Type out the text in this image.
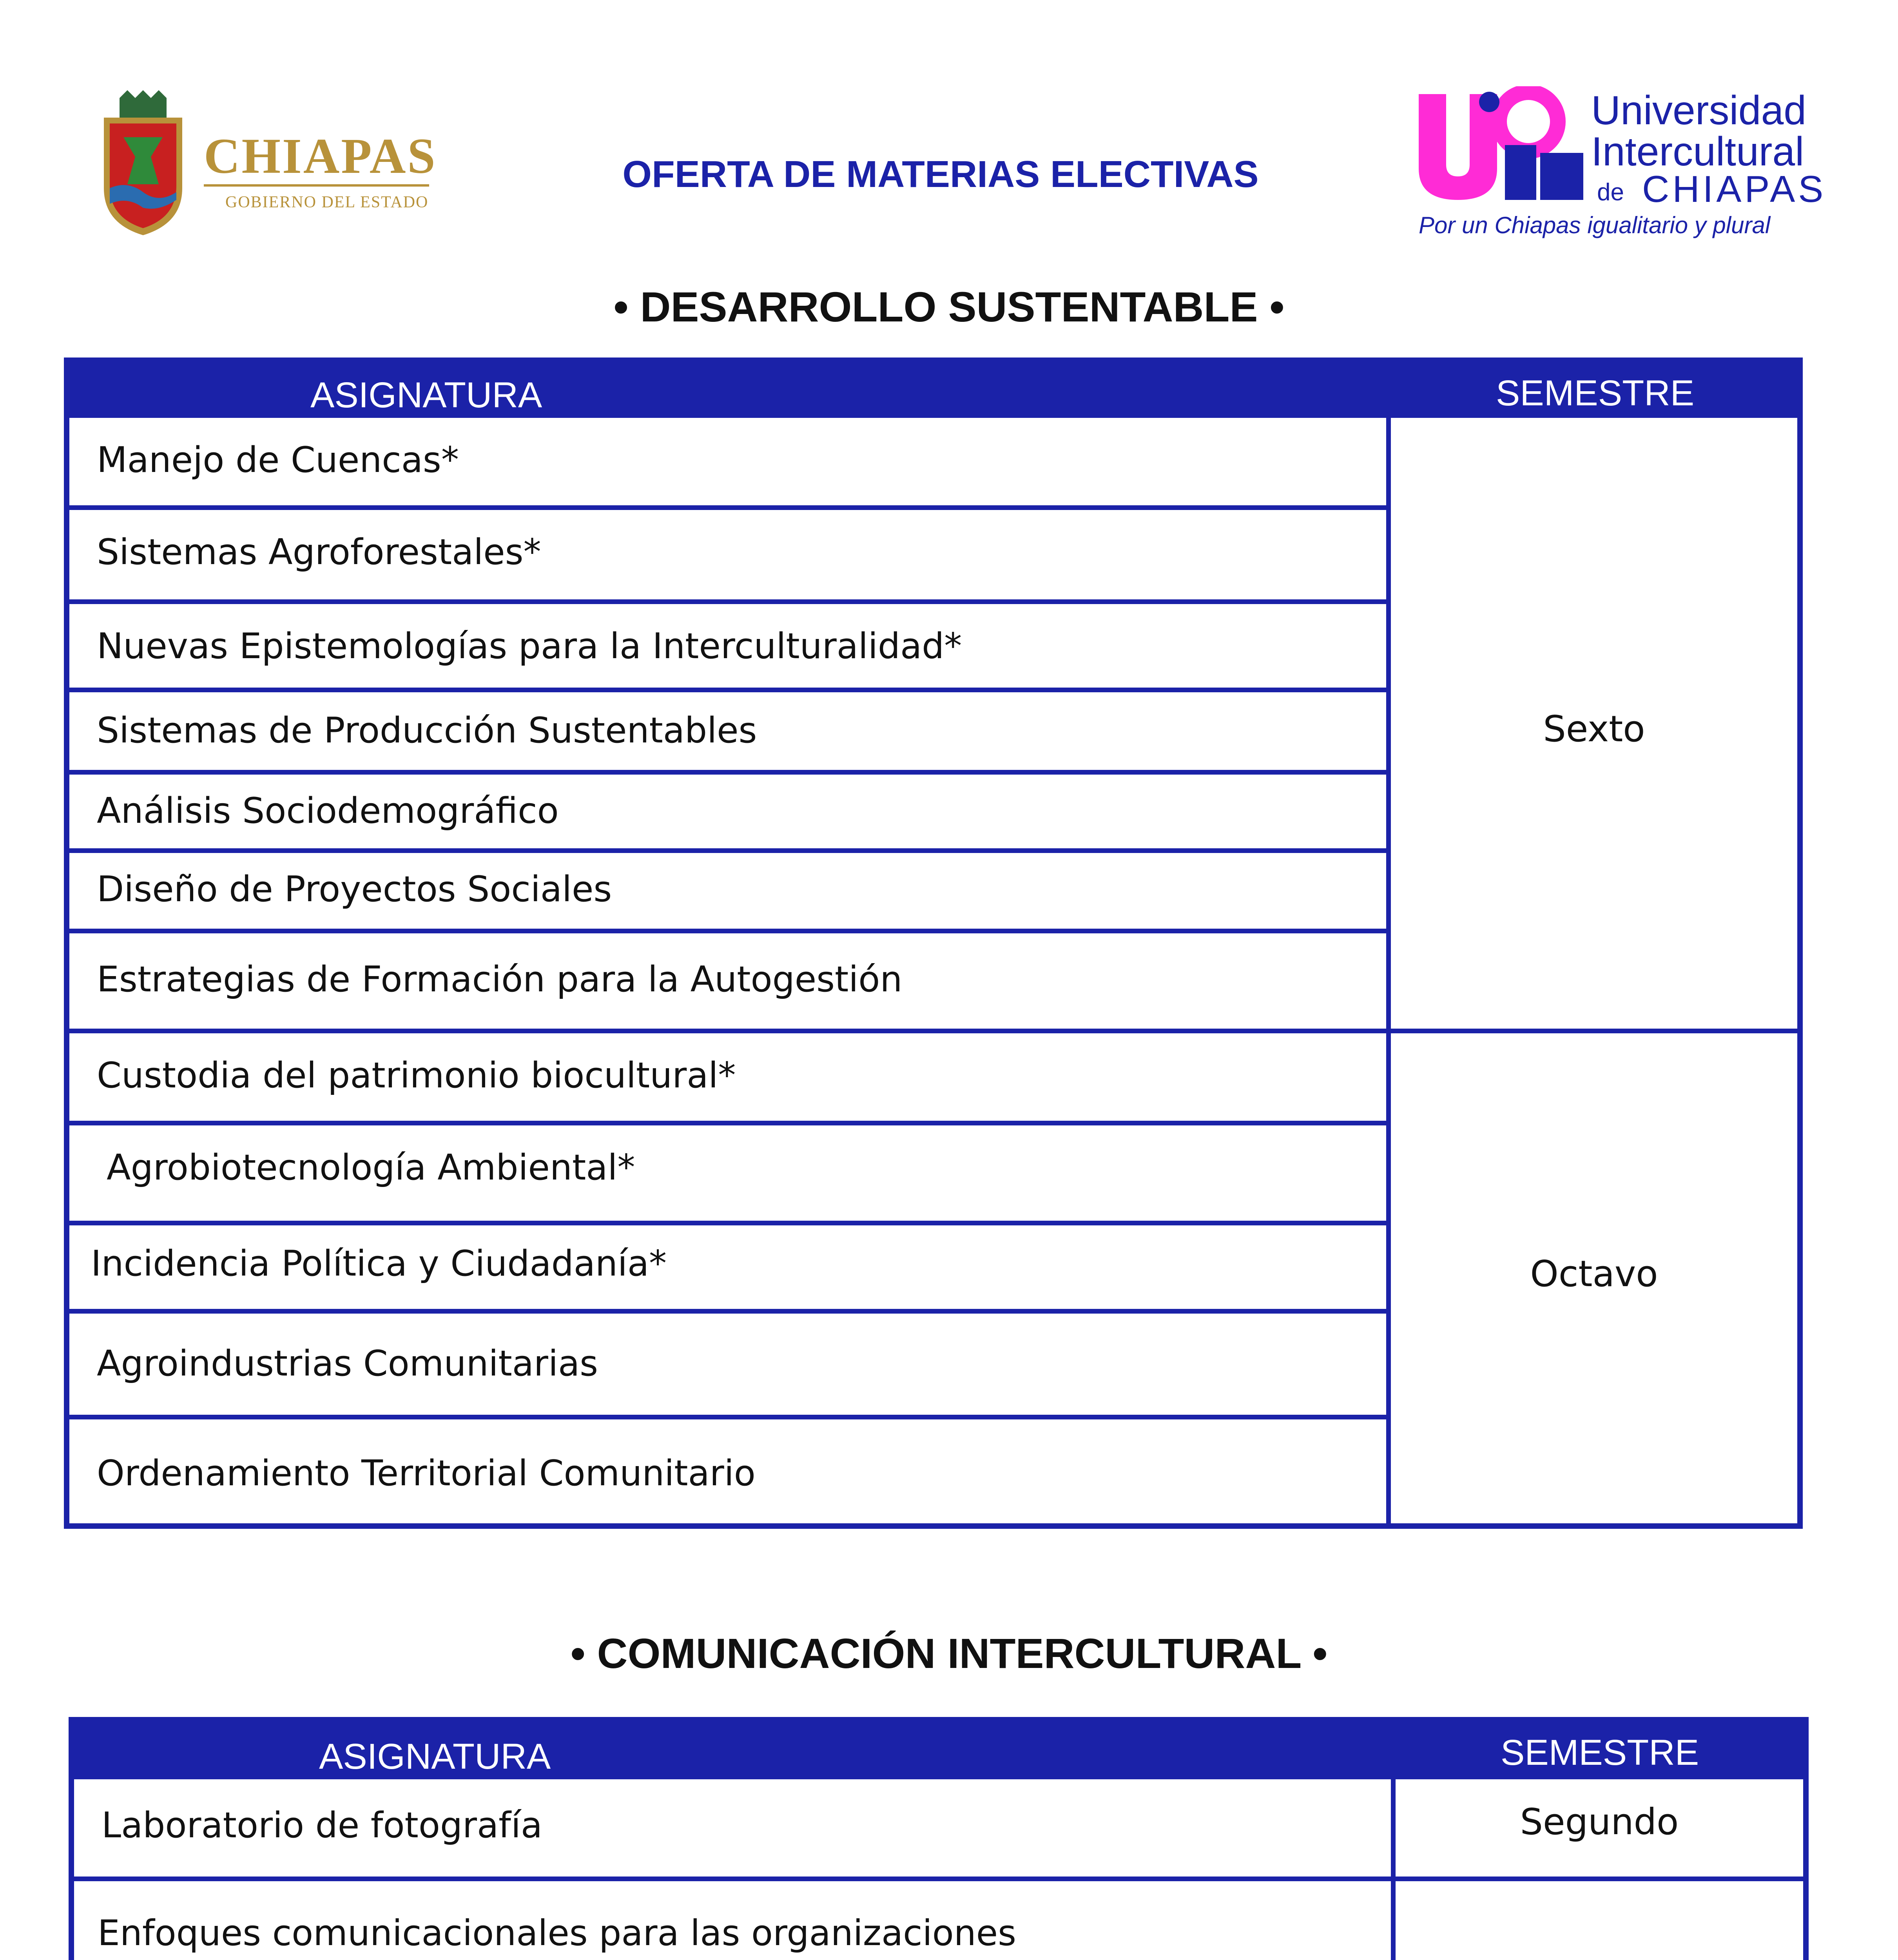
CHIAPAS
GOBIERNO DEL ESTADO
OFERTA DE MATERIAS ELECTIVAS
Universidad
Intercultural
de CHIAPAS
Por un Chiapas igualitario y plural
• DESARROLLO SUSTENTABLE •
ASIGNATURA	SEMESTRE
Manejo de Cuencas*
Sistemas Agroforestales*
Nuevas Epistemologías para la Interculturalidad*
Sistemas de Producción Sustentables
Análisis Sociodemográfico
Diseño de Proyectos Sociales
Estrategias de Formación para la Autogestión
Custodia del patrimonio biocultural*
Agrobiotecnología Ambiental*
Incidencia Política y Ciudadanía*
Agroindustrias Comunitarias
Ordenamiento Territorial Comunitario
Sexto
Octavo
• COMUNICACIÓN INTERCULTURAL •
ASIGNATURA	SEMESTRE
Laboratorio de fotografía
Enfoques comunicacionales para las organizaciones
Segundo
